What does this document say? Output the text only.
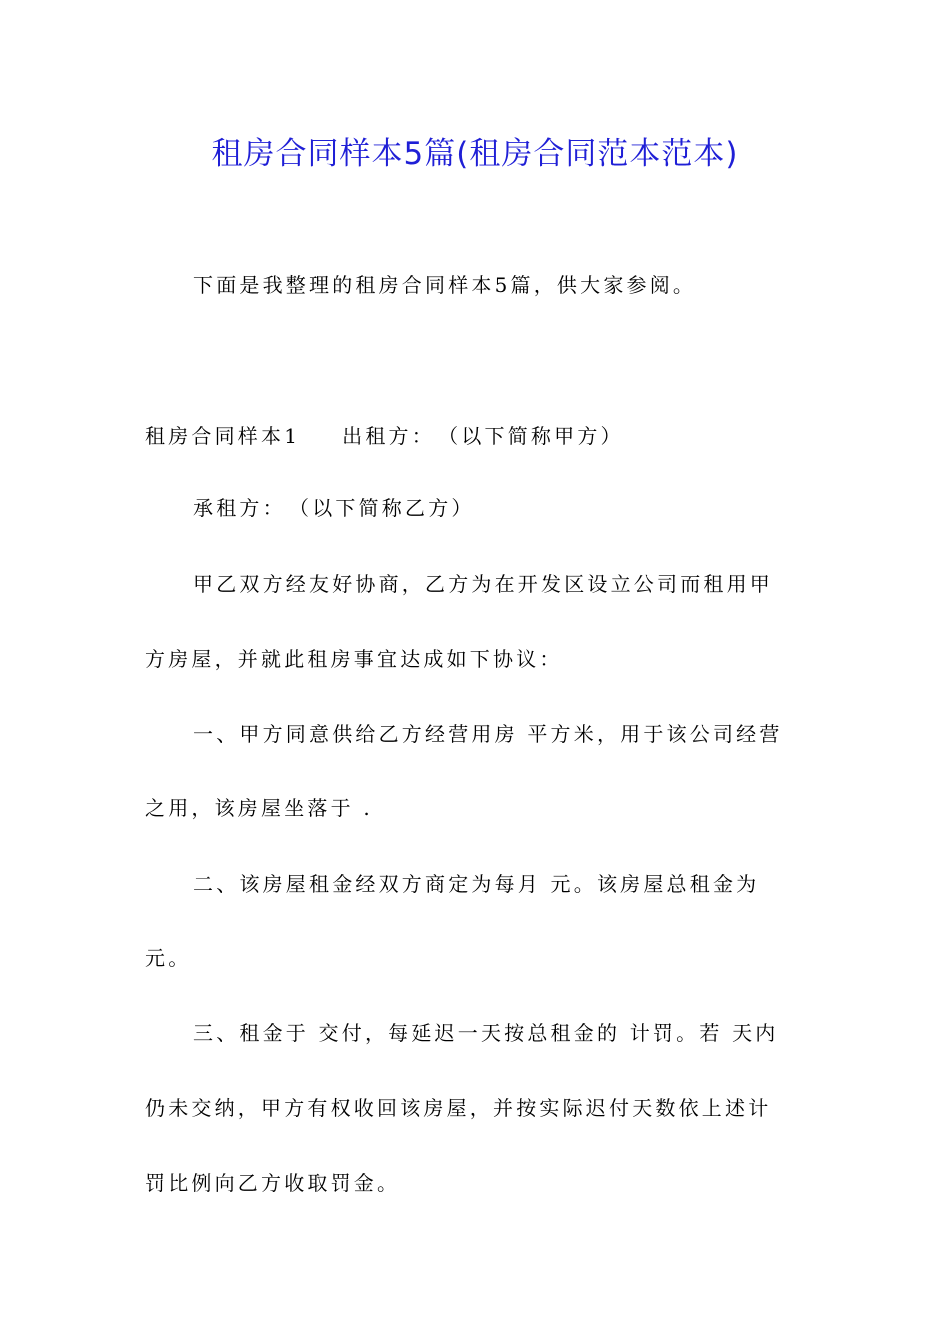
租房合同样本5篇(租房合同范本范本)
下面是我整理的租房合同样本5篇，供大家参阅。
租房合同样本1 出租方：　（以下简称甲方）
承租方：　（以下简称乙方）
甲乙双方经友好协商，乙方为在开发区设立公司而租用甲
方房屋，并就此租房事宜达成如下协议：
一、甲方同意供给乙方经营用房 平方米，用于该公司经营
之用，该房屋坐落于 .
二、该房屋租金经双方商定为每月 元。该房屋总租金为
元。
三、租金于 交付，每延迟一天按总租金的 计罚。若 天内
仍未交纳，甲方有权收回该房屋，并按实际迟付天数依上述计
罚比例向乙方收取罚金。
